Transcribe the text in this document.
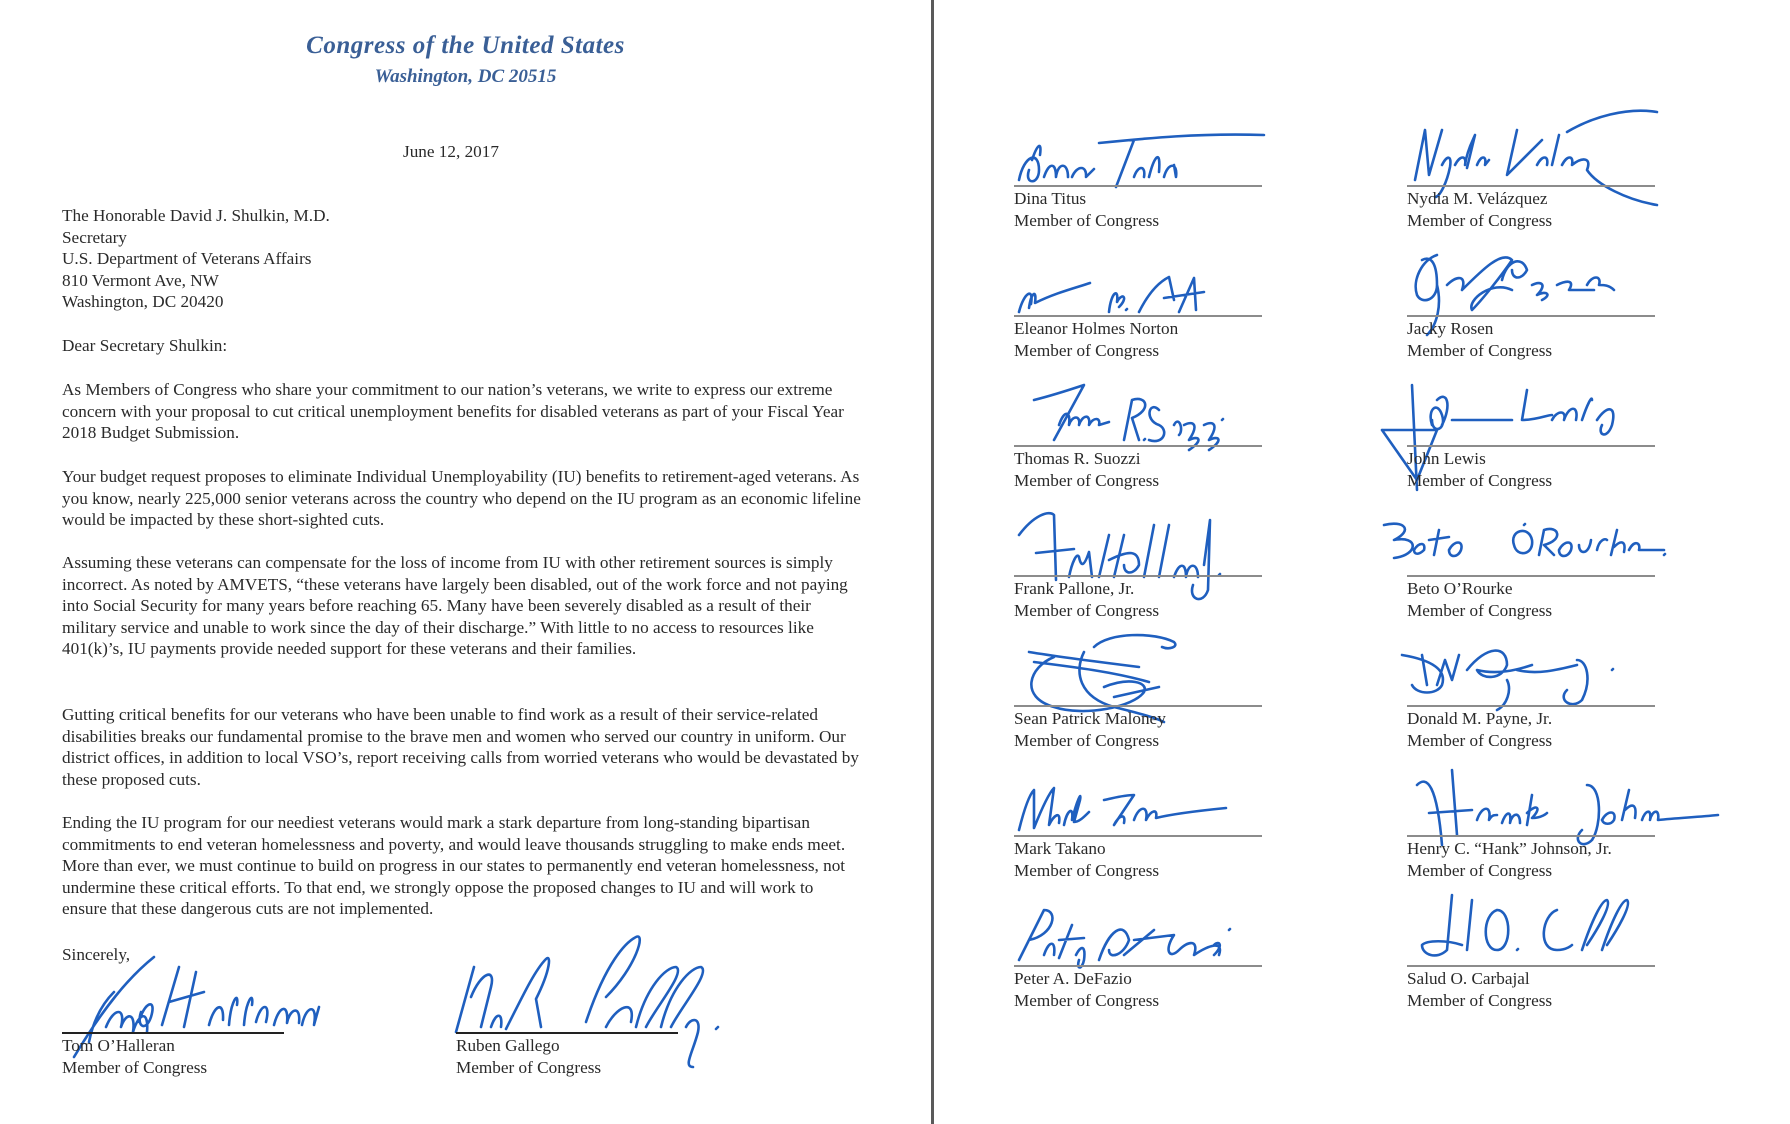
Congress of the United States
Washington, DC 20515
June 12, 2017
The Honorable David J. Shulkin, M.D.
Secretary
U.S. Department of Veterans Affairs
810 Vermont Ave, NW
Washington, DC 20420
Dear Secretary Shulkin:
As Members of Congress who share your commitment to our nation’s veterans, we write to express our extreme concern with your proposal to cut critical unemployment benefits for disabled veterans as part of your Fiscal Year 2018 Budget Submission.
Your budget request proposes to eliminate Individual Unemployability (IU) benefits to retirement-aged veterans. As you know, nearly 225,000 senior veterans across the country who depend on the IU program as an economic lifeline would be impacted by these short-sighted cuts.
Assuming these veterans can compensate for the loss of income from IU with other retirement sources is simply incorrect. As noted by AMVETS, “these veterans have largely been disabled, out of the work force and not paying into Social Security for many years before reaching 65. Many have been severely disabled as a result of their military service and unable to work since the day of their discharge.” With little to no access to resources like 401(k)’s, IU payments provide needed support for these veterans and their families.
Gutting critical benefits for our veterans who have been unable to find work as a result of their service-related disabilities breaks our fundamental promise to the brave men and women who served our country in uniform. Our district offices, in addition to local VSO’s, report receiving calls from worried veterans who would be devastated by these proposed cuts.
Ending the IU program for our neediest veterans would mark a stark departure from long-standing bipartisan commitments to end veteran homelessness and poverty, and would leave thousands struggling to make ends meet. More than ever, we must continue to build on progress in our states to permanently end veteran homelessness, not undermine these critical efforts. To that end, we strongly oppose the proposed changes to IU and will work to ensure that these dangerous cuts are not implemented.
Sincerely,
Tom O’Halleran
Member of Congress
Ruben Gallego
Member of Congress
Dina Titus
Member of Congress
Eleanor Holmes Norton
Member of Congress
Thomas R. Suozzi
Member of Congress
Frank Pallone, Jr.
Member of Congress
Sean Patrick Maloney
Member of Congress
Mark Takano
Member of Congress
Peter A. DeFazio
Member of Congress
Nydia M. Velázquez
Member of Congress
Jacky Rosen
Member of Congress
John Lewis
Member of Congress
Beto O’Rourke
Member of Congress
Donald M. Payne, Jr.
Member of Congress
Henry C. “Hank” Johnson, Jr.
Member of Congress
Salud O. Carbajal
Member of Congress
